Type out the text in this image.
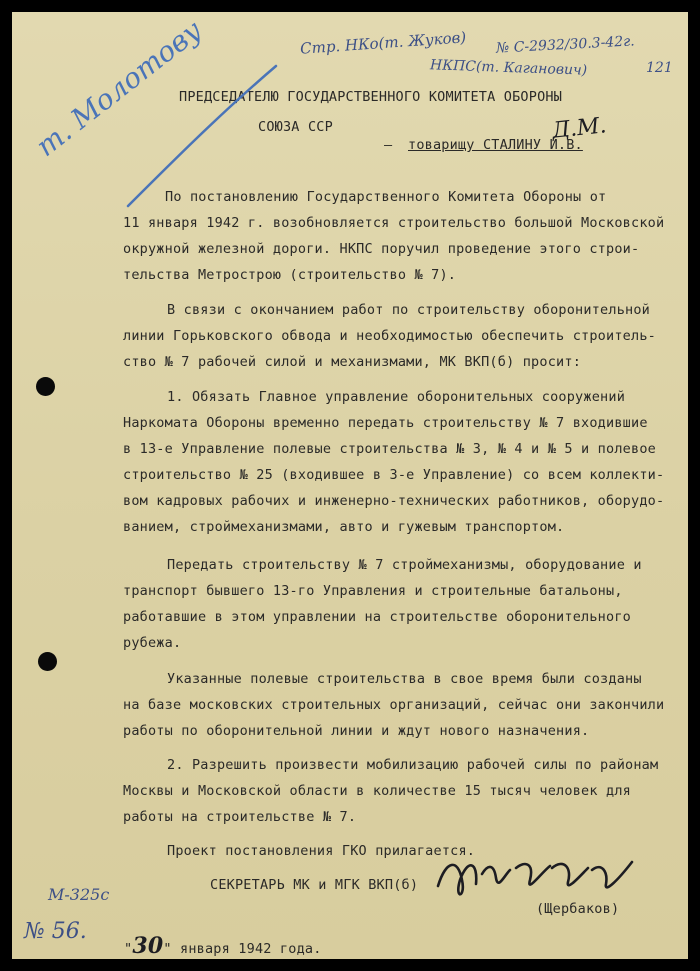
ПРЕДСЕДАТЕЛЮ ГОСУДАРСТВЕННОГО КОМИТЕТА ОБОРОНЫ
СОЮЗА ССР
– товарищу СТАЛИНУ И.В.
По постановлению Государственного Комитета Обороны от
11 января 1942 г. возобновляется строительство большой Московской
окружной железной дороги. НКПС поручил проведение этого строи-
тельства Метрострою (строительство № 7).
В связи с окончанием работ по строительству оборонительной
линии Горьковского обвода и необходимостью обеспечить строитель-
ство № 7 рабочей силой и механизмами, МК ВКП(б) просит:
1. Обязать Главное управление оборонительных сооружений
Наркомата Обороны временно передать строительству № 7 входившие
в 13-е Управление полевые строительства № 3, № 4 и № 5 и полевое
строительство № 25 (входившее в 3-е Управление) со всем коллекти-
вом кадровых рабочих и инженерно-технических работников, оборудо-
ванием, строймеханизмами, авто и гужевым транспортом.
Передать строительству № 7 строймеханизмы, оборудование и
транспорт бывшего 13-го Управления и строительные батальоны,
работавшие в этом управлении на строительстве оборонительного
рубежа.
Указанные полевые строительства в свое время были созданы
на базе московских строительных организаций, сейчас они закончили
работы по оборонительной линии и ждут нового назначения.
2. Разрешить произвести мобилизацию рабочей силы по районам
Москвы и Московской области в количестве 15 тысяч человек для
работы на строительстве № 7.
Проект постановления ГКО прилагается.
СЕКРЕТАРЬ МК и МГК ВКП(б)
(Щербаков)
"30" января 1942 года.
Стр. НКо(т. Жуков)
НКПС(т. Каганович)
№ С-2932/30.3-42г.
121
Д.М.
т. Молотову
М-325с
№ 56.
